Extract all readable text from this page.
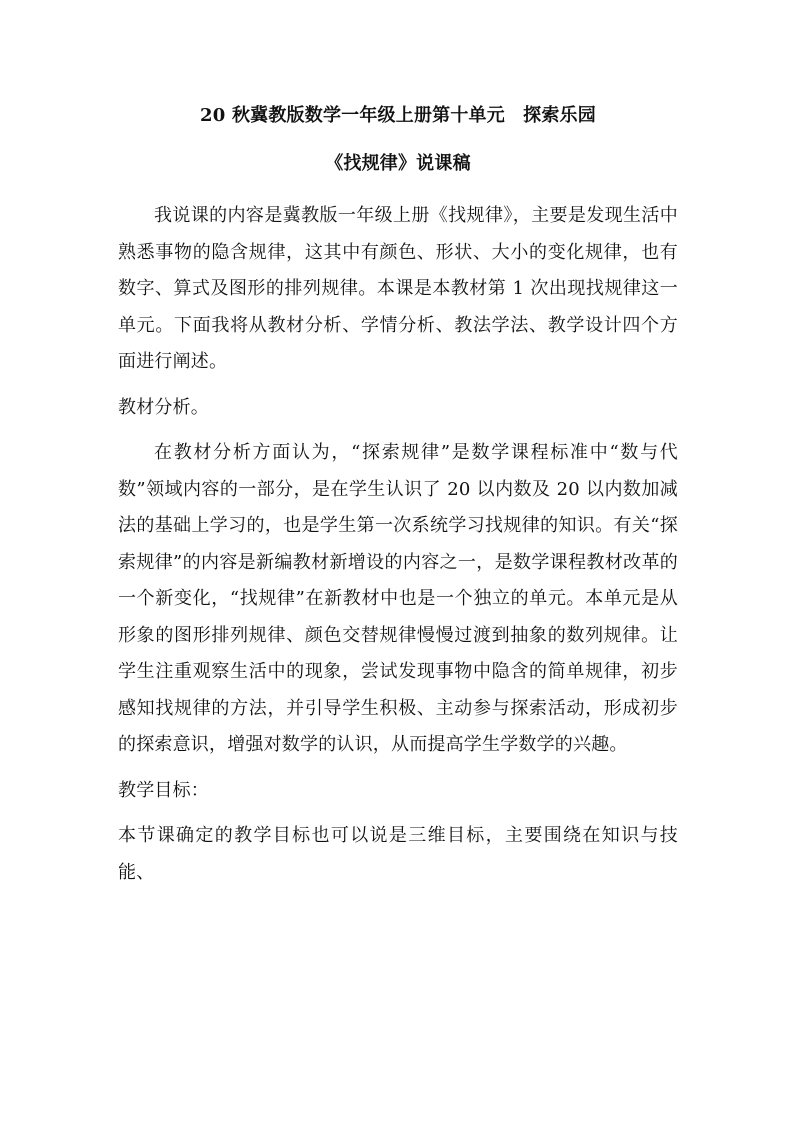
20 秋冀教版数学一年级上册第十单元　探索乐园
《找规律》说课稿

我说课的内容是冀教版一年级上册《找规律》，主要是发现生活中熟悉事物的隐含规律，这其中有颜色、形状、大小的变化规律，也有数字、算式及图形的排列规律。本课是本教材第 1 次出现找规律这一单元。下面我将从教材分析、学情分析、教法学法、教学设计四个方面进行阐述。

教材分析。

在教材分析方面认为，“探索规律”是数学课程标准中“数与代数”领域内容的一部分，是在学生认识了 20 以内数及 20 以内数加减法的基础上学习的，也是学生第一次系统学习找规律的知识。有关“探索规律”的内容是新编教材新增设的内容之一，是数学课程教材改革的一个新变化，“找规律”在新教材中也是一个独立的单元。本单元是从形象的图形排列规律、颜色交替规律慢慢过渡到抽象的数列规律。让学生注重观察生活中的现象，尝试发现事物中隐含的简单规律，初步感知找规律的方法，并引导学生积极、主动参与探索活动，形成初步的探索意识，增强对数学的认识，从而提高学生学数学的兴趣。

教学目标：

本节课确定的教学目标也可以说是三维目标，主要围绕在知识与技能、
